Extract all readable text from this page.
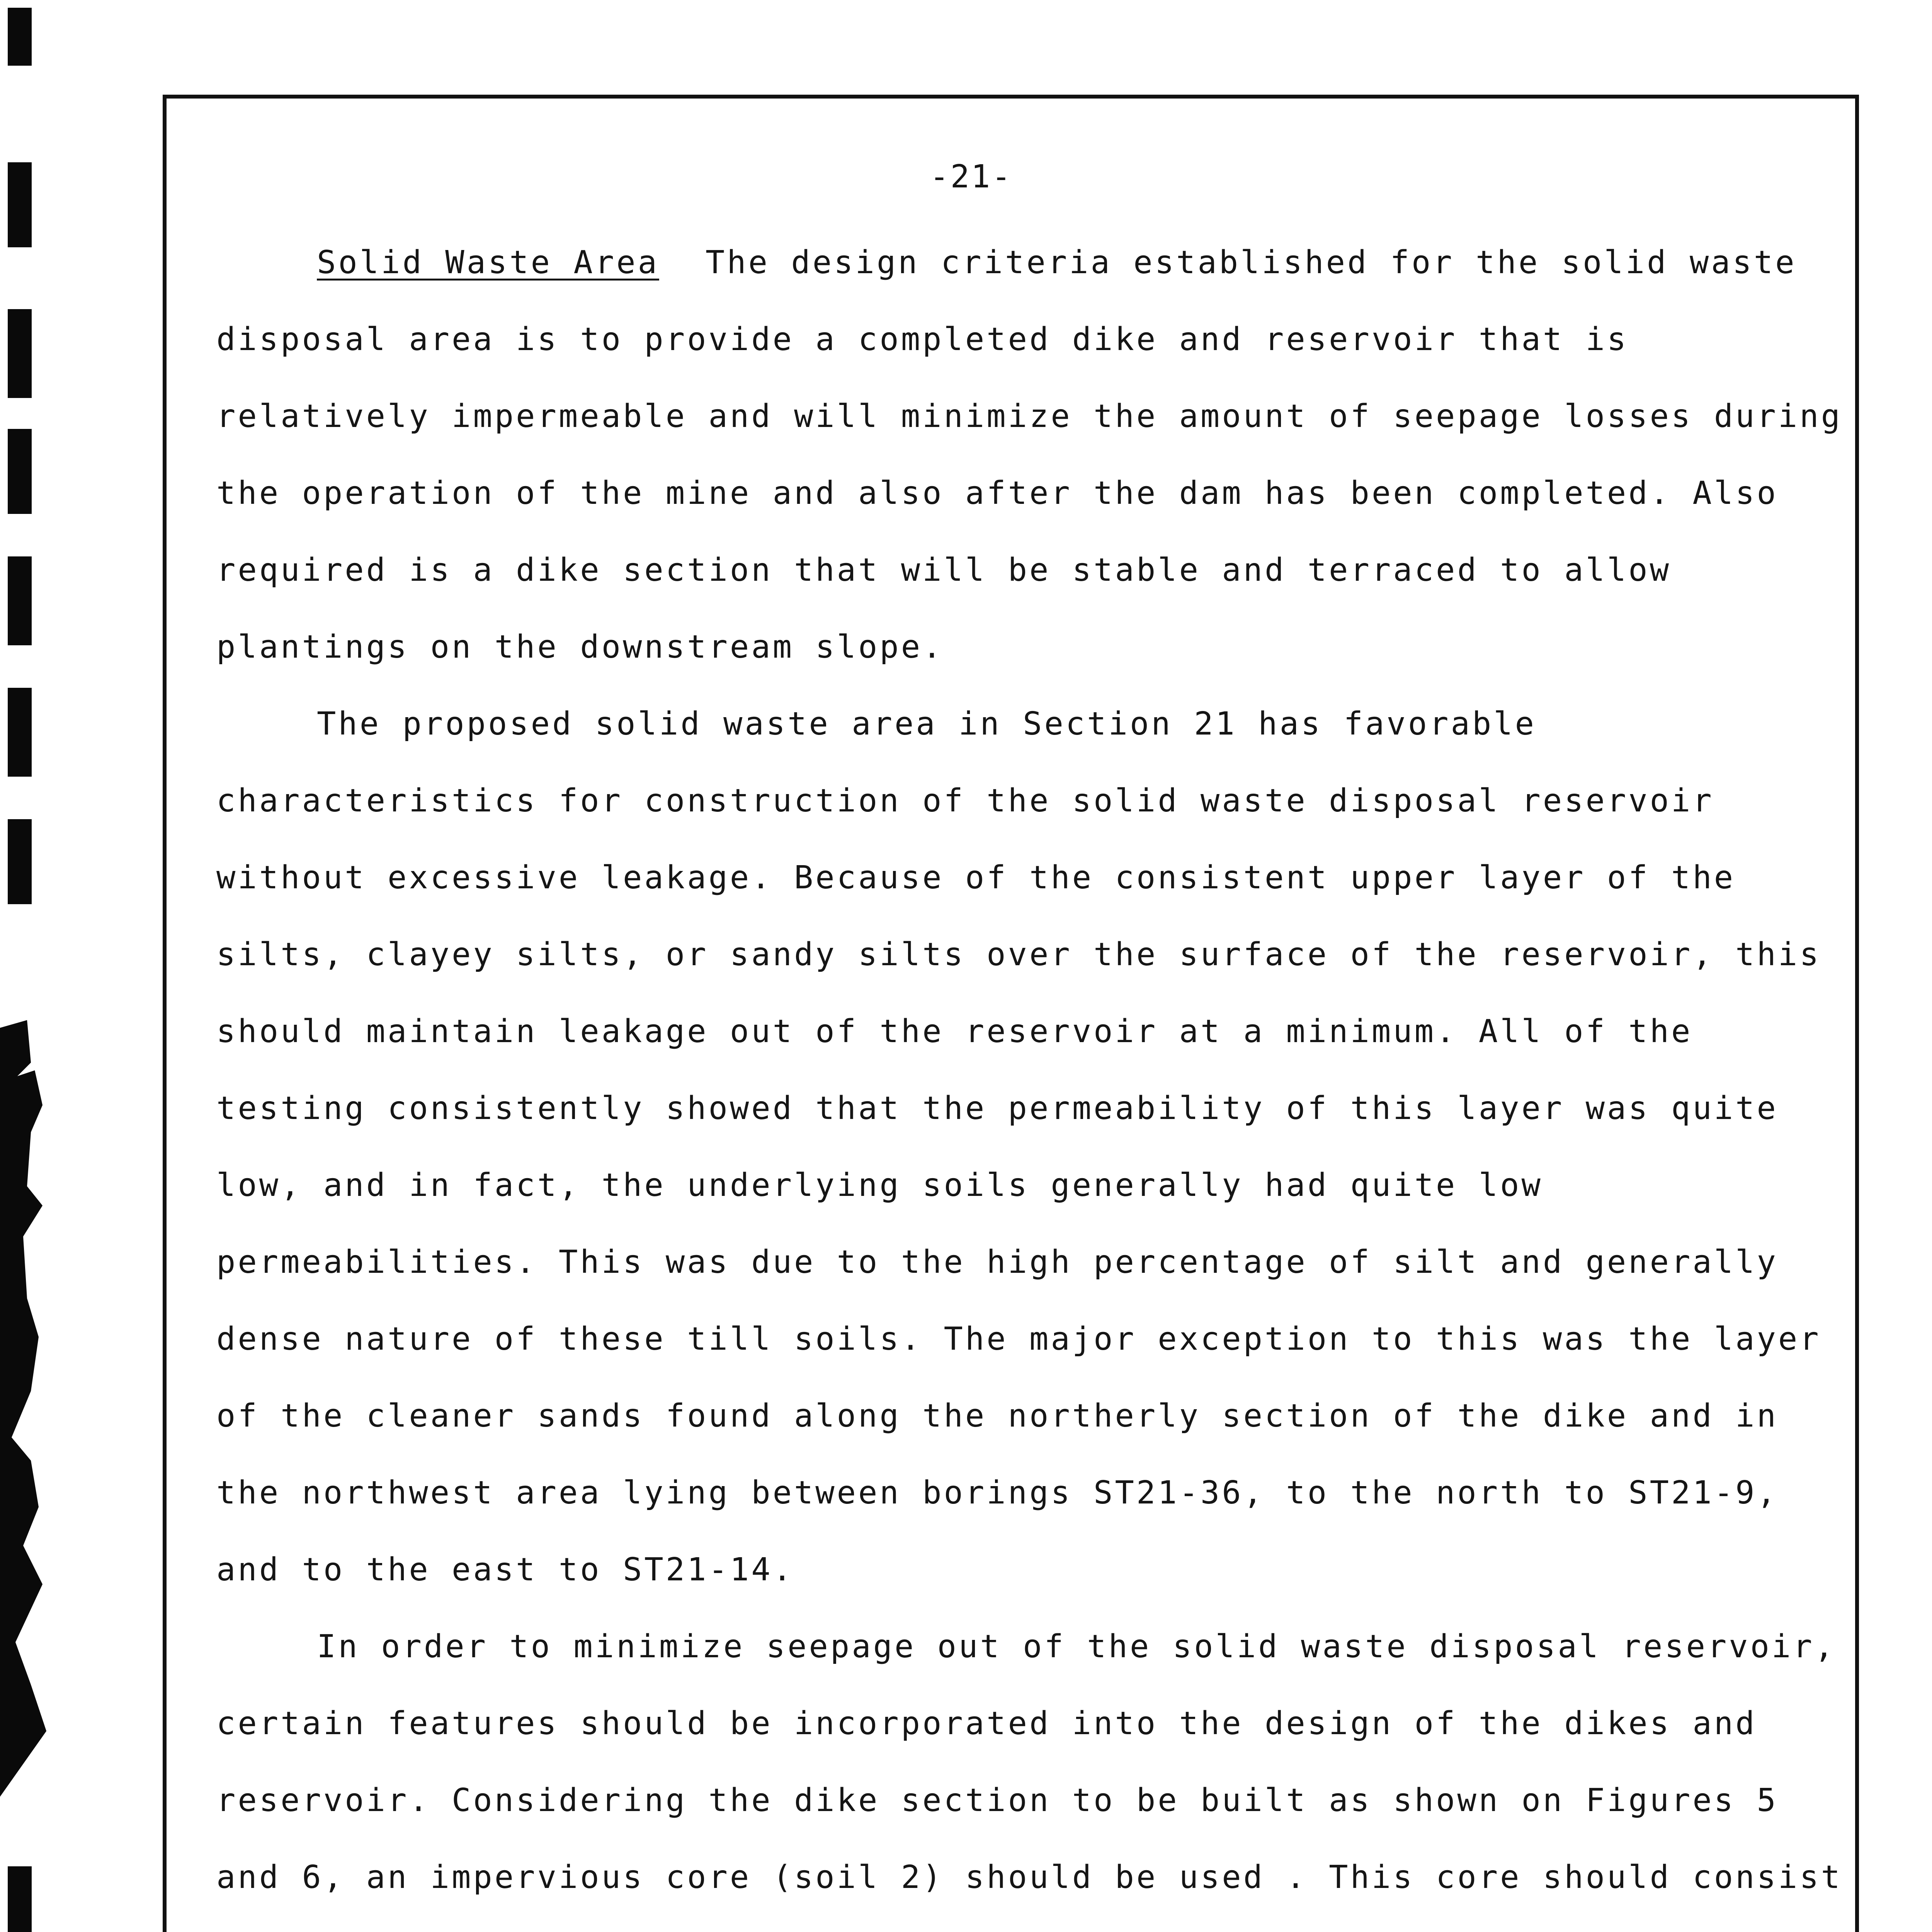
-21-

Solid Waste Area The design criteria established for the solid waste disposal area is to provide a completed dike and reservoir that is relatively impermeable and will minimize the amount of seepage losses during the operation of the mine and also after the dam has been completed. Also required is a dike section that will be stable and terraced to allow plantings on the downstream slope.

The proposed solid waste area in Section 21 has favorable characteristics for construction of the solid waste disposal reservoir without excessive leakage. Because of the consistent upper layer of the silts, clayey silts, or sandy silts over the surface of the reservoir, this should maintain leakage out of the reservoir at a minimum. All of the testing consistently showed that the permeability of this layer was quite low, and in fact, the underlying soils generally had quite low permeabilities. This was due to the high percentage of silt and generally dense nature of these till soils. The major exception to this was the layer of the cleaner sands found along the northerly section of the dike and in the northwest area lying between borings ST21-36, to the north to ST21-9, and to the east to ST21-14.

In order to minimize seepage out of the solid waste disposal reservoir, certain features should be incorporated into the design of the dikes and reservoir. Considering the dike section to be built as shown on Figures 5 and 6, an impervious core (soil 2) should be used . This core should consist
